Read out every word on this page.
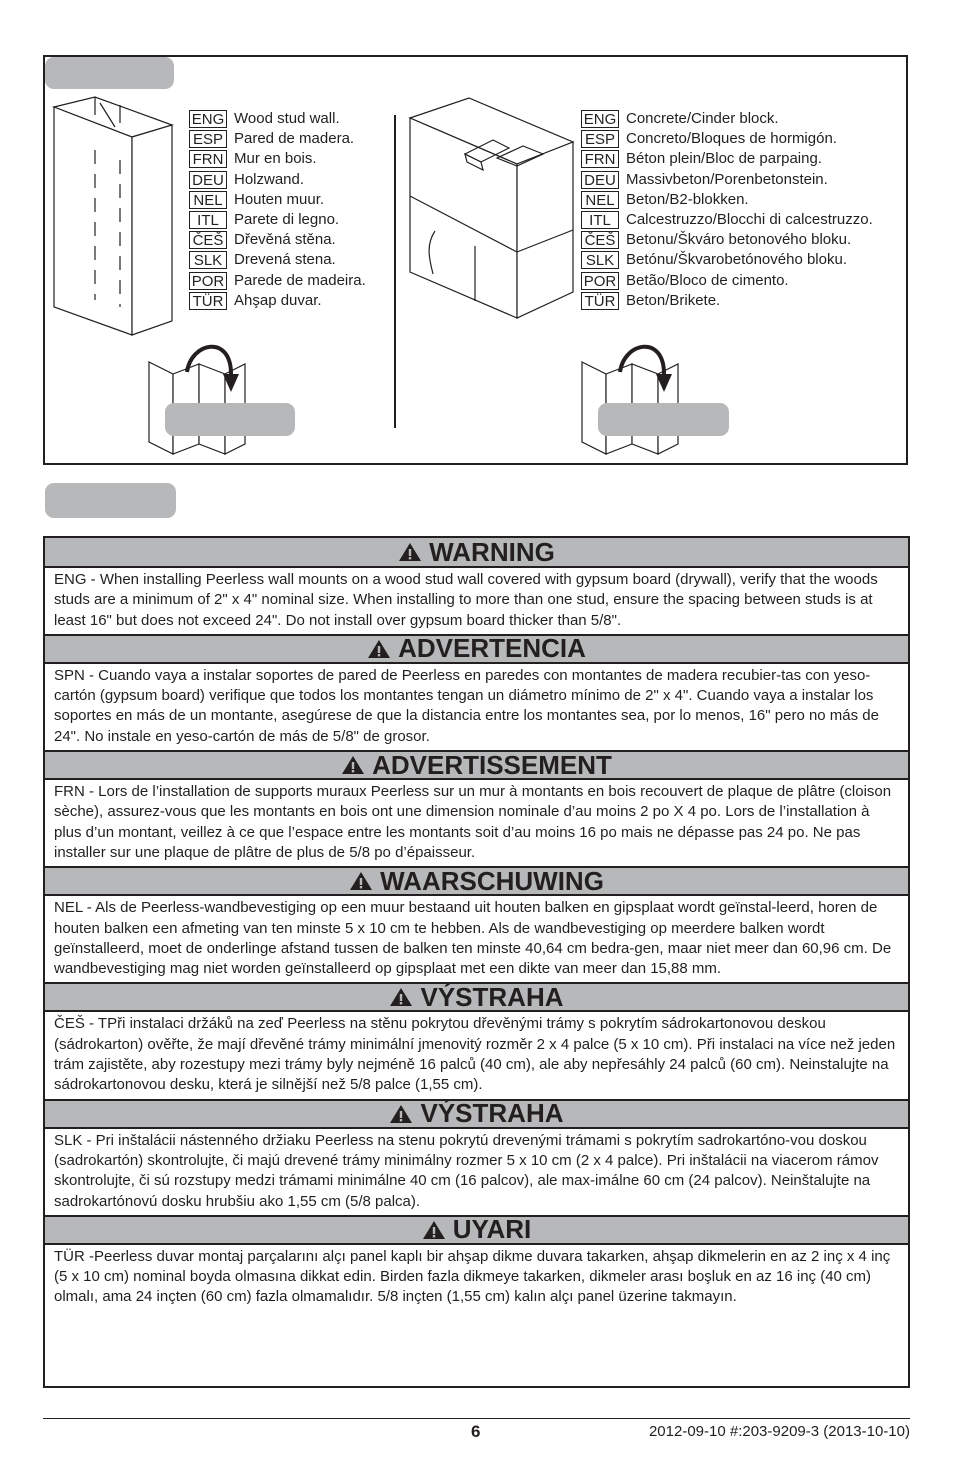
ENG Wood stud wall.
ESP Pared de madera.
FRN Mur en bois.
DEU Holzwand.
NEL Houten muur.
ITL	Parete di legno.
ČEŠ Dřevěná stěna.
SLK Drevená stena.
POR Parede de madeira.
TÜR Ahşap duvar.
ENG Concrete/Cinder block.
ESP Concreto/Bloques de hormigón.
FRN Béton plein/Bloc de parpaing.
DEU Massivbeton/Porenbetonstein.
NEL Beton/B2-blokken.
ITL	Calcestruzzo/Blocchi di calcestruzzo.
ČEŠ Betonu/Škváro betonového bloku.
SLK Betónu/Škvarobetónového bloku.
POR Betão/Bloco de cimento.
TÜR Beton/Brikete.
WARNING
ENG - When installing Peerless wall mounts on a wood stud wall covered with gypsum board (drywall), verify that the woods studs are a minimum of 2" x 4" nominal size. When installing to more than one stud, ensure the spacing between studs is at least 16" but does not exceed 24". Do not install over gypsum board thicker than 5/8".
ADVERTENCIA
SPN - Cuando vaya a instalar soportes de pared de Peerless en paredes con montantes de madera recubier-tas con yeso-cartón (gypsum board) verifique que todos los montantes tengan un diámetro mínimo de 2" x 4". Cuando vaya a instalar los soportes en más de un montante, asegúrese de que la distancia entre los montantes sea, por lo menos, 16" pero no más de 24". No instale en yeso-cartón de más de 5/8" de grosor.
ADVERTISSEMENT
FRN - Lors de l’installation de supports muraux Peerless sur un mur à montants en bois recouvert de plaque de plâtre (cloison sèche), assurez-vous que les montants en bois ont une dimension nominale d’au moins 2 po X 4 po. Lors de l’installation à plus d’un montant, veillez à ce que l’espace entre les montants soit d’au moins 16 po mais ne dépasse pas 24 po. Ne pas installer sur une plaque de plâtre de plus de 5/8 po d’épaisseur.
WAARSCHUWING
NEL - Als de Peerless-wandbevestiging op een muur bestaand uit houten balken en gipsplaat wordt geïnstal-leerd, horen de houten balken een afmeting van ten minste 5 x 10 cm te hebben. Als de wandbevestiging op meerdere balken wordt geïnstalleerd, moet de onderlinge afstand tussen de balken ten minste 40,64 cm bedra-gen, maar niet meer dan 60,96 cm. De wandbevestiging mag niet worden geïnstalleerd op gipsplaat met een dikte van meer dan 15,88 mm.
VÝSTRAHA
ČEŠ - TPři instalaci držáků na zeď Peerless na stěnu pokrytou dřevěnými trámy s pokrytím sádrokartonovou deskou (sádrokarton) ověřte, že mají dřevěné trámy minimální jmenovitý rozměr 2 x 4 palce (5 x 10 cm). Při instalaci na více než jeden trám zajistěte, aby rozestupy mezi trámy byly nejméně 16 palců (40 cm), ale aby nepřesáhly 24 palců (60 cm). Neinstalujte na sádrokartonovou desku, která je silnější než 5/8 palce (1,55 cm).
VÝSTRAHA
SLK - Pri inštalácii nástenného držiaku Peerless na stenu pokrytú drevenými trámami s pokrytím sadrokartóno-vou doskou (sadrokartón) skontrolujte, či majú drevené trámy minimálny rozmer 5 x 10 cm (2 x 4 palce). Pri inštalácii na viacerom rámov skontrolujte, či sú rozstupy medzi trámami minimálne 40 cm (16 palcov), ale max-imálne 60 cm (24 palcov). Neinštalujte na sadrokartónovú dosku hrubšiu ako 1,55 cm (5/8 palca).
UYARI
TÜR -Peerless duvar montaj parçalarını alçı panel kaplı bir ahşap dikme duvara takarken, ahşap dikmelerin en az 2 inç x 4 inç (5 x 10 cm) nominal boyda olmasına dikkat edin. Birden fazla dikmeye takarken, dikmeler arası boşluk en az 16 inç (40 cm) olmalı, ama 24 inçten (60 cm) fazla olmamalıdır. 5/8 inçten (1,55 cm) kalın alçı panel üzerine takmayın.
6	2012-09-10 #:203-9209-3 (2013-10-10)
